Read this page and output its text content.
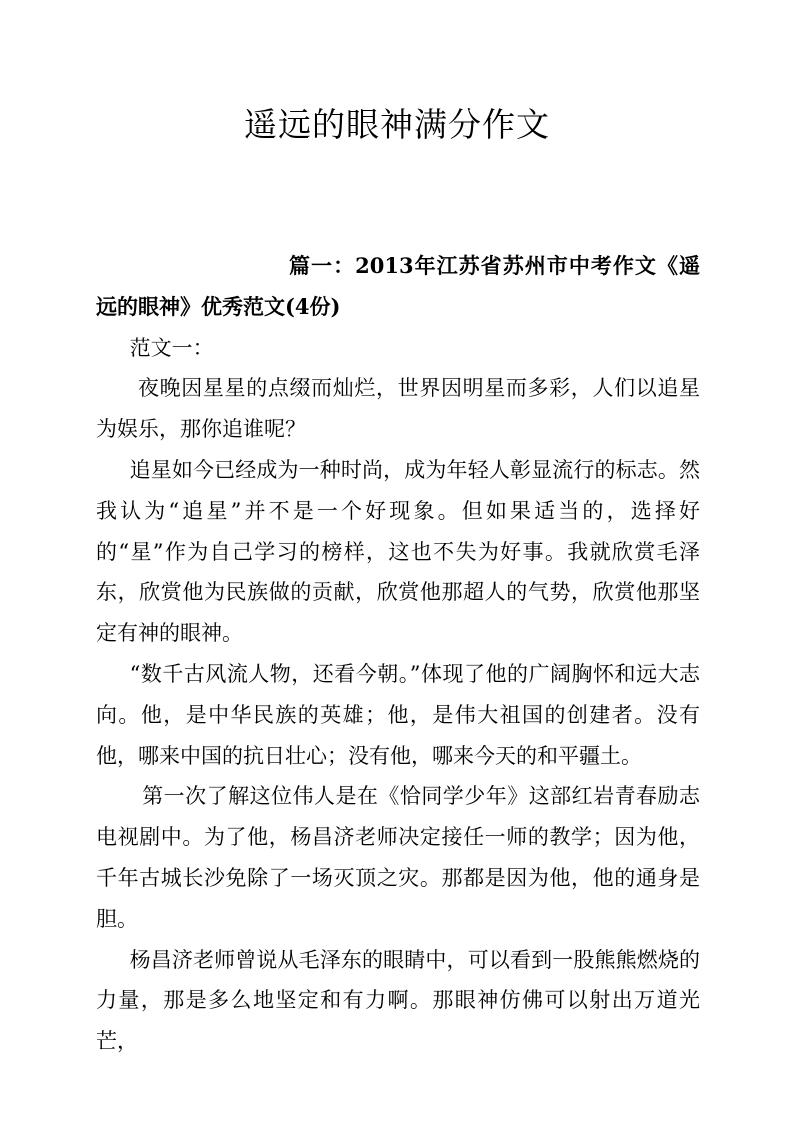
遥远的眼神满分作文

篇一：2013年江苏省苏州市中考作文《遥远的眼神》优秀范文(4份)

范文一：

夜晚因星星的点缀而灿烂，世界因明星而多彩，人们以追星为娱乐，那你追谁呢？

追星如今已经成为一种时尚，成为年轻人彰显流行的标志。然我认为“追星”并不是一个好现象。但如果适当的，选择好的“星”作为自己学习的榜样，这也不失为好事。我就欣赏毛泽东，欣赏他为民族做的贡献，欣赏他那超人的气势，欣赏他那坚定有神的眼神。

“数千古风流人物，还看今朝。”体现了他的广阔胸怀和远大志向。他，是中华民族的英雄；他，是伟大祖国的创建者。没有他，哪来中国的抗日壮心；没有他，哪来今天的和平疆土。

第一次了解这位伟人是在《恰同学少年》这部红岩青春励志电视剧中。为了他，杨昌济老师决定接任一师的教学；因为他，千年古城长沙免除了一场灭顶之灾。那都是因为他，他的通身是胆。

杨昌济老师曾说从毛泽东的眼睛中，可以看到一股熊熊燃烧的力量，那是多么地坚定和有力啊。那眼神仿佛可以射出万道光芒，
